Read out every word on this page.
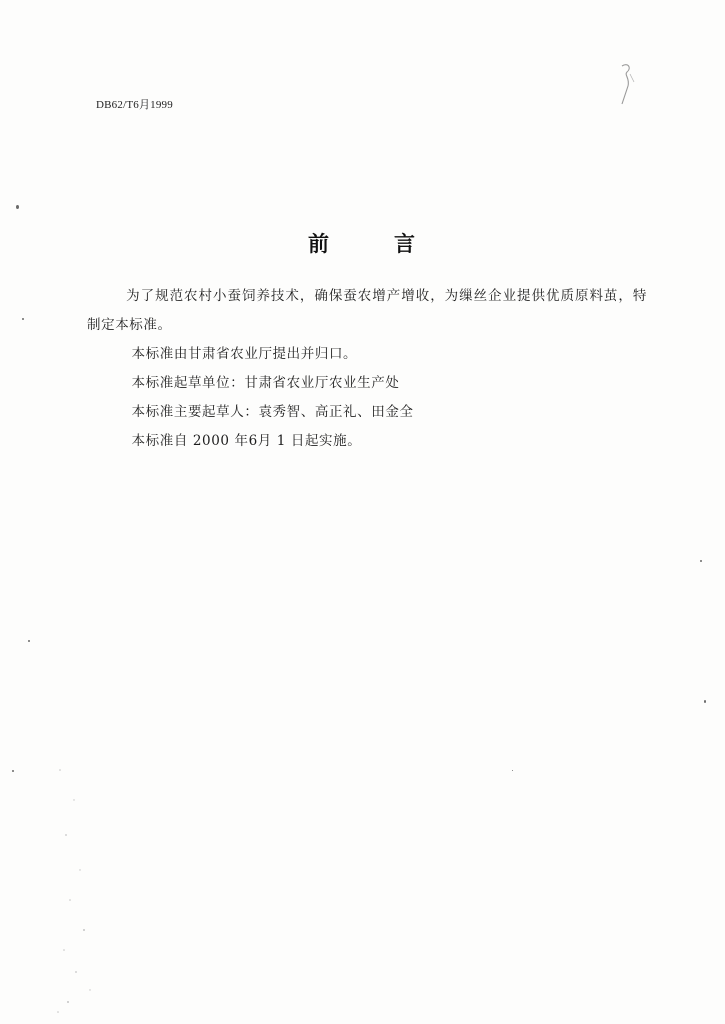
DB62/T6月1999
前　言

为了规范农村小蚕饲养技术，确保蚕农增产增收，为缫丝企业提供优质原料茧，特制定本标准。

本标准由甘肃省农业厅提出并归口。

本标准起草单位：甘肃省农业厅农业生产处

本标准主要起草人：袁秀智、高正礼、田金全

本标准自 2000 年6月 1 日起实施。
